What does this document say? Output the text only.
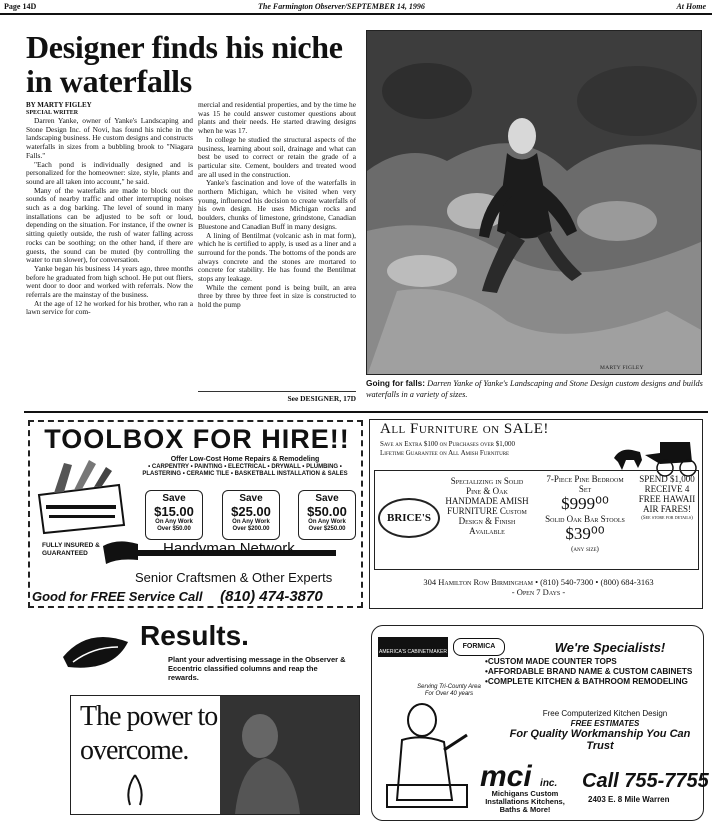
Page 14D	The Farmington Observer/SEPTEMBER 14, 1996	At Home
Designer finds his niche in waterfalls
BY MARTY FIGLEY
SPECIAL WRITER

Darren Yanke, owner of Yanke's Landscaping and Stone Design Inc. of Novi, has found his niche in the landscaping business. He custom designs and constructs waterfalls in sizes from a bubbling brook to "Niagara Falls."

"Each pond is individually designed and is personalized for the homeowner: size, style, plants and sound are all taken into account," he said.

Many of the waterfalls are made to block out the sounds of nearby traffic and other interrupting noises such as a dog barking. The level of sound in many installations can be adjusted to be soft or loud, depending on the situation. For instance, if the owner is sitting quietly outside, the rush of water falling across rocks can be soothing; on the other hand, if there are guests, the sound can be muted (by controlling the water to run slower), for conversation.

Yanke began his business 14 years ago, three months before he graduated from high school. He put out fliers, went door to door and worked with referrals. Now the referrals are the mainstay of the business.

At the age of 12 he worked for his brother, who ran a lawn service for com-

mercial and residential properties, and by the time he was 15 he could answer customer questions about plants and their needs. He started drawing designs when he was 17.

In college he studied the structural aspects of the business, learning about soil, drainage and what can best be used to correct or retain the grade of a particular site. Cement, boulders and treated wood are all used in the construction.

Yanke's fascination and love of the waterfalls in northern Michigan, which he visited when very young, influenced his decision to create waterfalls of his own design. He uses Michigan rocks and boulders, chunks of limestone, grindstone, Canadian Bluestone and Canadian Buff in many designs.

A lining of Bentilmat (volcanic ash in mat form), which he is certified to apply, is used as a liner and a surround for the ponds. The bottoms of the ponds are always concrete and the stones are mortared to concrete for stability. He has found the Bentilmat stops any leakage.

While the cement pond is being built, an area three by three by three feet in size is constructed to hold the pump

See DESIGNER, 17D
MARTY FIGLEY
Going for falls: Darren Yanke of Yanke's Landscaping and Stone Design custom designs and builds waterfalls in a variety of sizes.
TOOLBOX FOR HIRE!!
Offer Low-Cost Home Repairs & Remodeling
• CARPENTRY • PAINTING • ELECTRICAL • DRYWALL • PLUMBING • PLASTERING • CERAMIC TILE • BASKETBALL INSTALLATION & SALES
Save
$15.00
On Any Work
Over $50.00
Save
$25.00
On Any Work
Over $200.00
Save
$50.00
On Any Work
Over $250.00
FULLY INSURED & GUARANTEED	Handyman Network
Senior Craftsmen & Other Experts
Good for FREE Service Call (810) 474-3870
All Furniture on SALE!
Save an Extra $100 on Purchases over $1,000
Lifetime Guarantee on All Amish Furniture
BRICE'S
Specializing in Solid Pine & Oak HANDMADE AMISH FURNITURE Custom Design & Finish Available
7-Piece Pine Bedroom Set
$999⁰⁰
Solid Oak Bar Stools
$39⁰⁰
(any size)
SPEND $1,000 RECEIVE 4 FREE HAWAII AIR FARES!
(See store for details)
304 Hamilton Row Birmingham • (810) 540-7300 • (800) 684-3163
- Open 7 Days -
Results.
Plant your advertising message in the Observer & Eccentric classified columns and reap the rewards.
The power to overcome.
AMERICA'S CABINETMAKER
FORMICA	We're Specialists!
•CUSTOM MADE COUNTER TOPS
•AFFORDABLE BRAND NAME & CUSTOM CABINETS
•COMPLETE KITCHEN & BATHROOM REMODELING
Free Computerized Kitchen Design
FREE ESTIMATES
For Quality Workmanship You Can Trust
Serving Tri-County Area For Over 40 years
mci inc.
Michigans Custom Installations Kitchens, Baths & More!
Call 755-7755
2403 E. 8 Mile Warren
